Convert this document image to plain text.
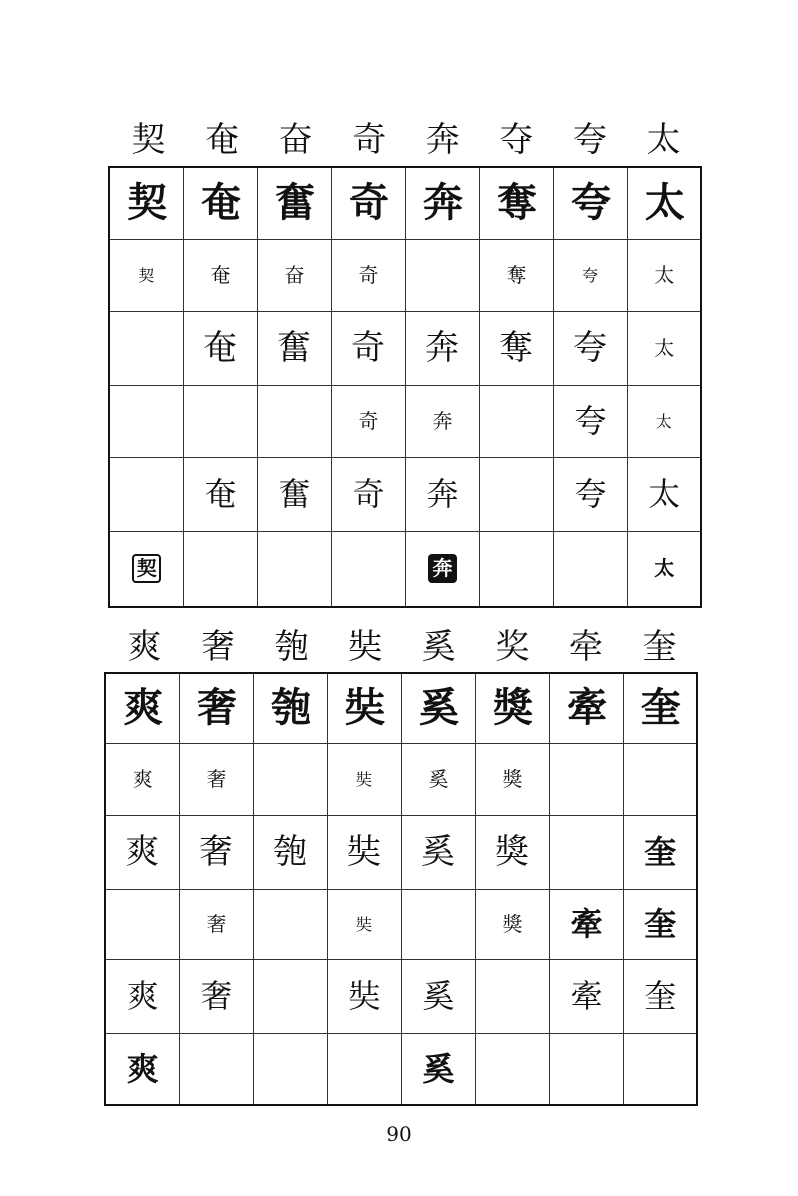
契	奄	奋	奇	奔	夺	夸	太
契	奄	奮	奇	奔	奪	夸	太
契	奄	奋	奇		奪	夸	太
	奄	奮	奇	奔	奪	夸	太
			奇	奔		夸	太
	奄	奮	奇	奔		夸	太
契				奔			太
爽	奢	匏	奘	奚	奖	牵	奎
爽	奢	匏	奘	奚	獎	牽	奎
爽	奢		奘	奚	獎		
爽	奢	匏	奘	奚	獎		奎
	奢		奘		獎	牽	奎
爽	奢		奘	奚		牽	奎
爽				奚			
90
